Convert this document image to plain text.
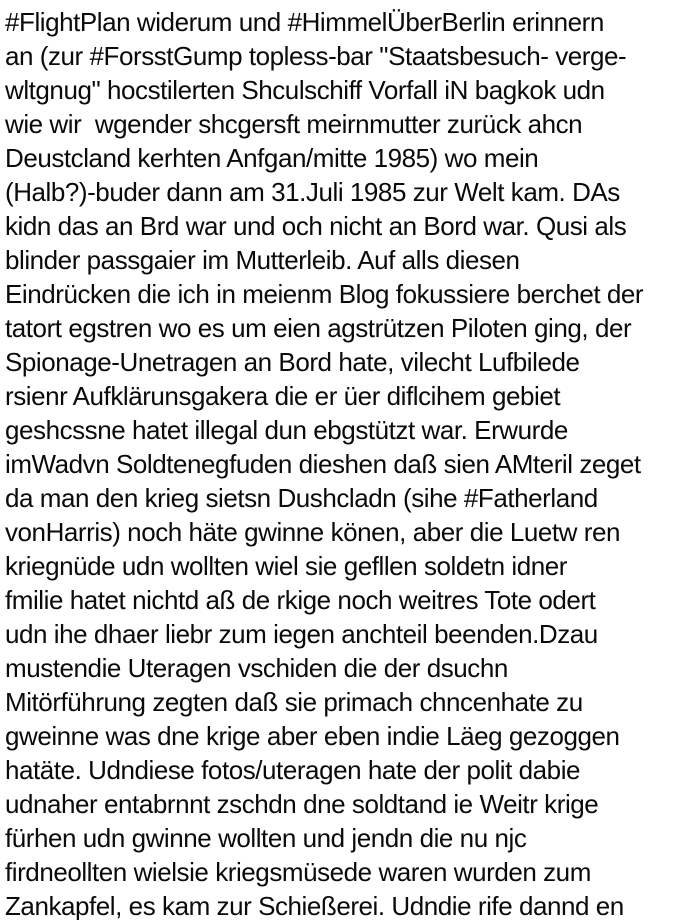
#FlightPlan widerum und #HimmelÜberBerlin erinnern
an (zur #ForsstGump topless-bar "Staatsbesuch- verge-
wltgnug" hocstilerten Shculschiff Vorfall iN bagkok udn
wie wir  wgender shcgersft meirnmutter zurück ahcn
Deustcland kerhten Anfgan/mitte 1985) wo mein
(Halb?)-buder dann am 31.Juli 1985 zur Welt kam. DAs
kidn das an Brd war und och nicht an Bord war. Qusi als
blinder passgaier im Mutterleib. Auf alls diesen
Eindrücken die ich in meienm Blog fokussiere berchet der
tatort egstren wo es um eien agstrützen Piloten ging, der
Spionage-Unetragen an Bord hate, vilecht Lufbilede
rsienr Aufklärunsgakera die er üer diflcihem gebiet
geshcssne hatet illegal dun ebgstützt war. Erwurde
imWadvn Soldtenegfuden dieshen daß sien AMteril zeget
da man den krieg sietsn Dushcladn (sihe #Fatherland
vonHarris) noch häte gwinne könen, aber die Luetw ren
kriegnüde udn wollten wiel sie gefllen soldetn idner
fmilie hatet nichtd aß de rkige noch weitres Tote odert
udn ihe dhaer liebr zum iegen anchteil beenden.Dzau
mustendie Uteragen vschiden die der dsuchn
Mitörführung zegten daß sie primach chncenhate zu
gweinne was dne krige aber eben indie Läeg gezoggen
hatäte. Udndiese fotos/uteragen hate der polit dabie
udnaher entabrnnt zschdn dne soldtand ie Weitr krige
fürhen udn gwinne wollten und jendn die nu njc
firdneollten wielsie kriegsmüsede waren wurden zum
Zankapfel, es kam zur Schießerei. Udndie rife dannd en
